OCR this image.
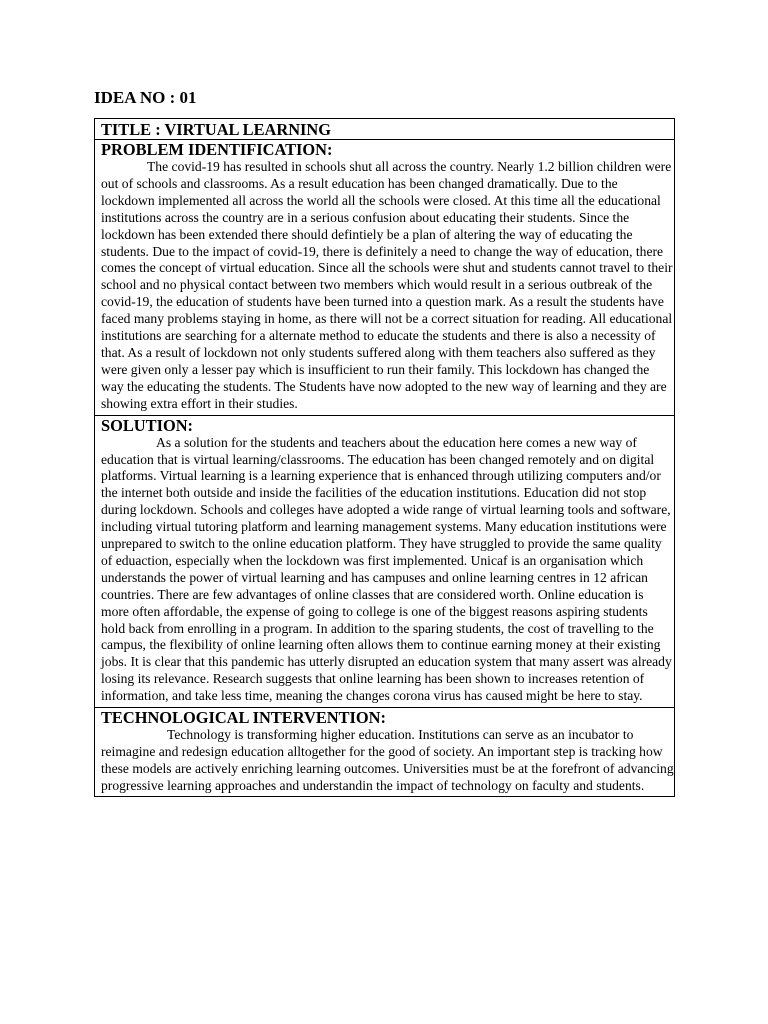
IDEA NO : 01

TITLE : VIRTUAL LEARNING

PROBLEM IDENTIFICATION:

The covid-19 has resulted in schools shut all across the country. Nearly 1.2 billion children were out of schools and classrooms. As a result education has been changed dramatically. Due to the lockdown implemented all across the world all the schools were closed. At this time all the educational institutions across the country are in a serious confusion about educating their students. Since the lockdown has been extended there should defintiely be a plan of altering the way of educating the students. Due to the impact of covid-19, there is definitely a need to change the way of education, there comes the concept of virtual education. Since all the schools were shut and students cannot travel to their school and no physical contact between two members which would result in a serious outbreak of the covid-19, the education of students have been turned into a question mark. As a result the students have faced many problems staying in home, as there will not be a correct situation for reading. All educational institutions are searching for a alternate method to educate the students and there is also a necessity of that. As a result of lockdown not only students suffered along with them teachers also suffered as they were given only a lesser pay which is insufficient to run their family. This lockdown has changed the way the educating the students. The Students have now adopted to the new way of learning and they are showing extra effort in their studies.

SOLUTION:

As a solution for the students and teachers about the education here comes a new way of education that is virtual learning/classrooms. The education has been changed remotely and on digital platforms. Virtual learning is a learning experience that is enhanced through utilizing computers and/or the internet both outside and inside the facilities of the education institutions. Education did not stop during lockdown. Schools and colleges have adopted a wide range of virtual learning tools and software, including virtual tutoring platform and learning management systems. Many education institutions were unprepared to switch to the online education platform. They have struggled to provide the same quality of eduaction, especially when the lockdown was first implemented. Unicaf is an organisation which understands the power of virtual learning and has campuses and online learning centres in 12 african countries. There are few advantages of online classes that are considered worth. Online education is more often affordable, the expense of going to college is one of the biggest reasons aspiring students hold back from enrolling in a program. In addition to the sparing students, the cost of travelling to the campus, the flexibility of online learning often allows them to continue earning money at their existing jobs. It is clear that this pandemic has utterly disrupted an education system that many assert was already losing its relevance. Research suggests that online learning has been shown to increases retention of information, and take less time, meaning the changes corona virus has caused might be here to stay.

TECHNOLOGICAL INTERVENTION:

Technology is transforming higher education. Institutions can serve as an incubator to reimagine and redesign education alltogether for the good of society. An important step is tracking how these models are actively enriching learning outcomes. Universities must be at the forefront of advancing progressive learning approaches and understandin the impact of technology on faculty and students.
